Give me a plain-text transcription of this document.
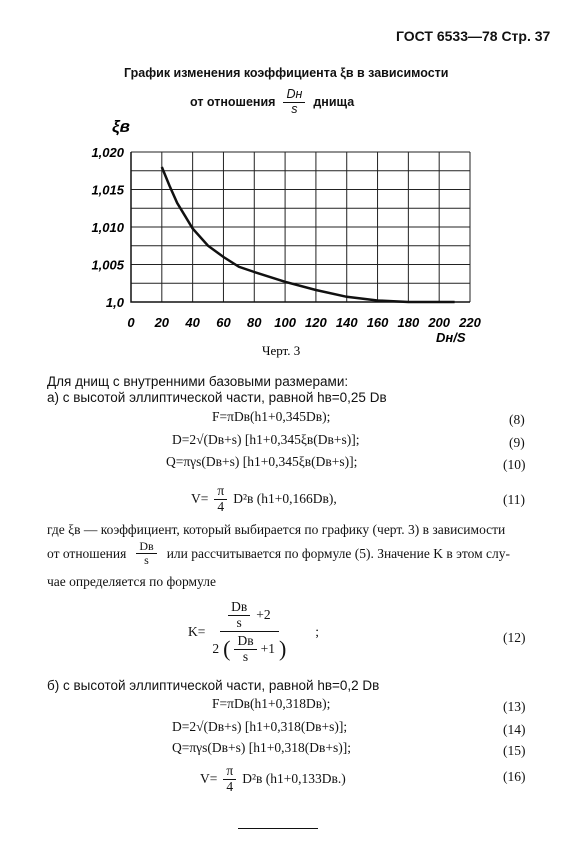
ГОСТ 6533—78 Стр. 37
График изменения коэффициента ξв в зависимости
от отношения $\frac{Dн}{s}$ днища
ξв
1,020
1,015
1,010
1,005
1,0
0 20 40 60 80 100 120 140 160 180 200 220
Dн/S
Черт. 3
Для днищ с внутренними базовыми размерами:
а) с высотой эллиптической части, равной hв=0,25 Dв
F=πDв(h1+0,345Dв);	(8)
D=2√(Dв+s) [h1+0,345ξв(Dв+s)];	(9)
Q=πγs(Dв+s) [h1+0,345ξв(Dв+s)];	(10)
$V= \frac{\pi}{4} D^2в$ (h1+0,166Dв),	(11)
где ξв — коэффициент, который выбирается по графику (черт. 3) в зависимости
от отношения $\frac{Dв}{s}$ или рассчитывается по формуле (5). Значение K в этом слу-
чае определяется по формуле
K=
$\frac{Dв}{s} +2$
2 ( $\frac{Dв}{s} +1$ )
;	(12)
б) с высотой эллиптической части, равной hв=0,2 Dв
F=πDв(h1+0,318Dв);	(13)
D=2√(Dв+s) [h1+0,318(Dв+s)];	(14)
Q=πγs(Dв+s) [h1+0,318(Dв+s)];	(15)
$V= \frac{\pi}{4} D^2в$ (h1+0,133Dв.)	(16)
